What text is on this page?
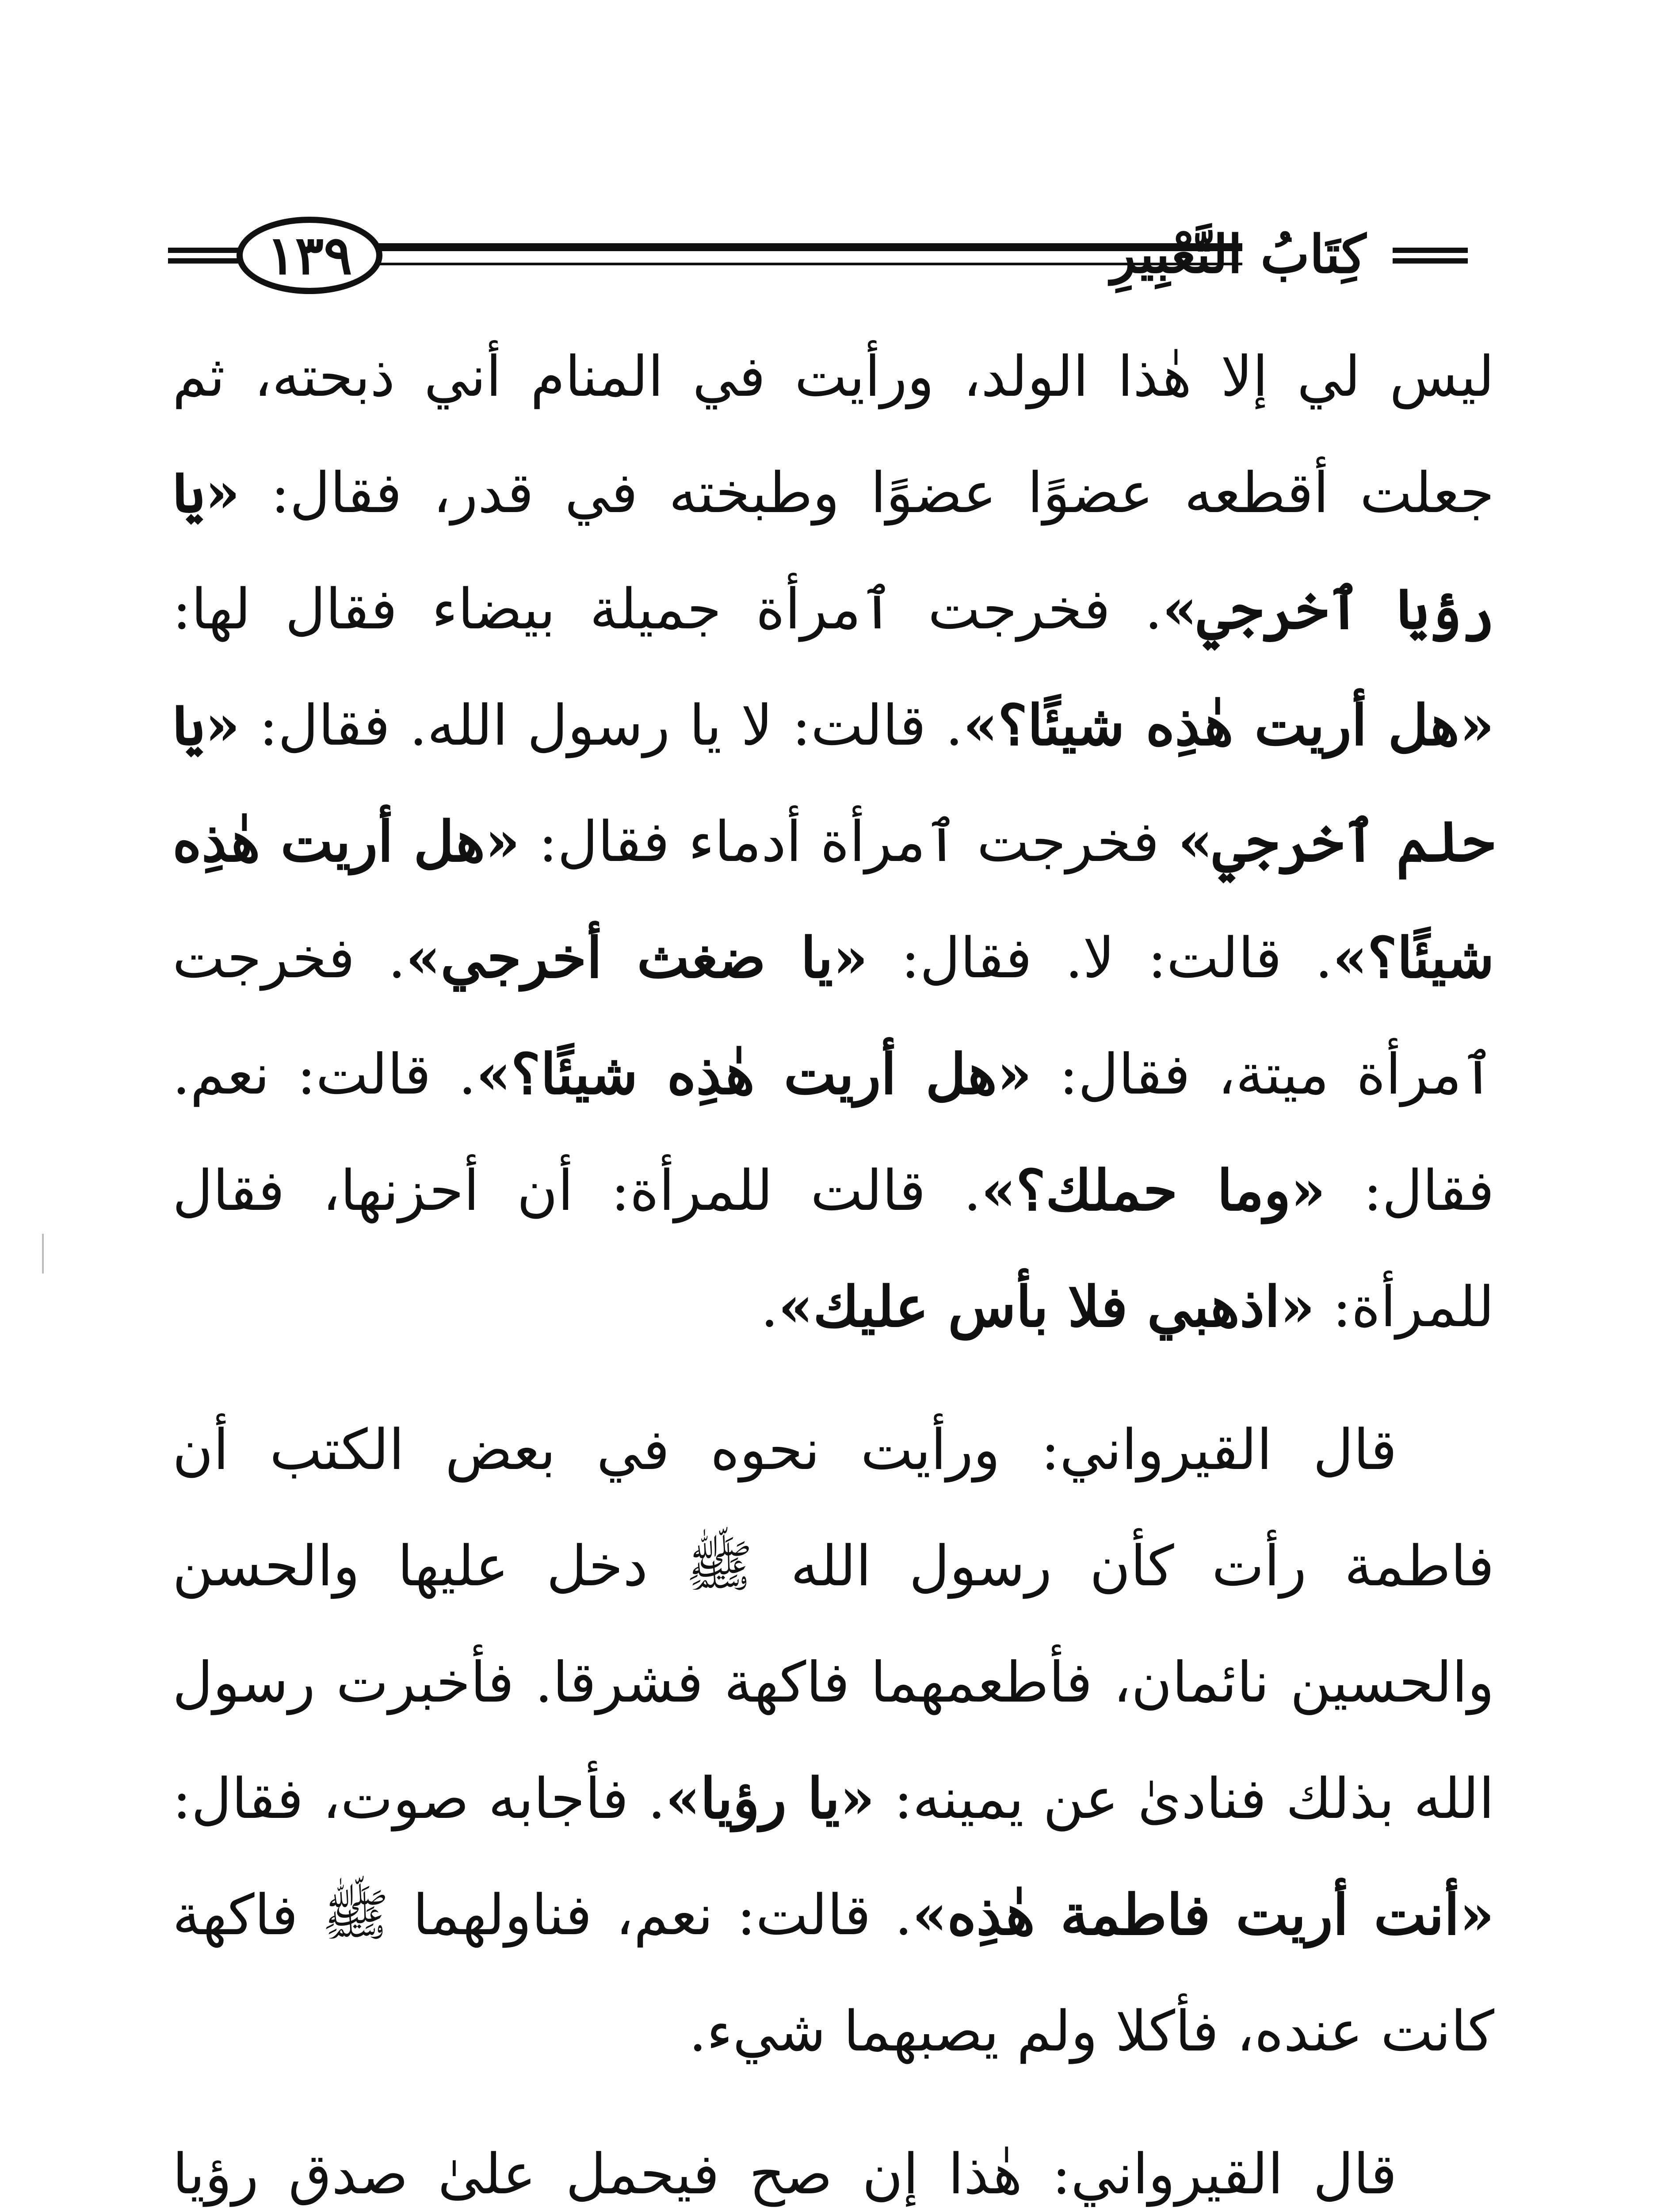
١٣٩	كِتَابُ التَّعْبِيرِ

ليس لي إلا هٰذا الولد، ورأيت في المنام أني ذبحته، ثم جعلت أقطعه عضوًا عضوًا وطبخته في قدر، فقال: «يا رؤيا ٱخرجي». فخرجت ٱمرأة جميلة بيضاء فقال لها: «هل أريت هٰذِه شيئًا؟». قالت: لا يا رسول الله. فقال: «يا حلم ٱخرجي» فخرجت ٱمرأة أدماء فقال: «هل أريت هٰذِه شيئًا؟». قالت: لا. فقال: «يا ضغث أخرجي». فخرجت ٱمرأة ميتة، فقال: «هل أريت هٰذِه شيئًا؟». قالت: نعم. فقال: «وما حملك؟». قالت للمرأة: أن أحزنها، فقال للمرأة: «اذهبي فلا بأس عليك».

قال القيرواني: ورأيت نحوه في بعض الكتب أن فاطمة رأت كأن رسول الله ﷺ دخل عليها والحسن والحسين نائمان، فأطعمهما فاكهة فشرقا. فأخبرت رسول الله بذلك فنادىٰ عن يمينه: «يا رؤيا». فأجابه صوت، فقال: «أنت أريت فاطمة هٰذِه». قالت: نعم، فناولهما ﷺ فاكهة كانت عنده، فأكلا ولم يصبهما شيء.

قال القيرواني: هٰذا إن صح فيحمل علىٰ صدق رؤيا
